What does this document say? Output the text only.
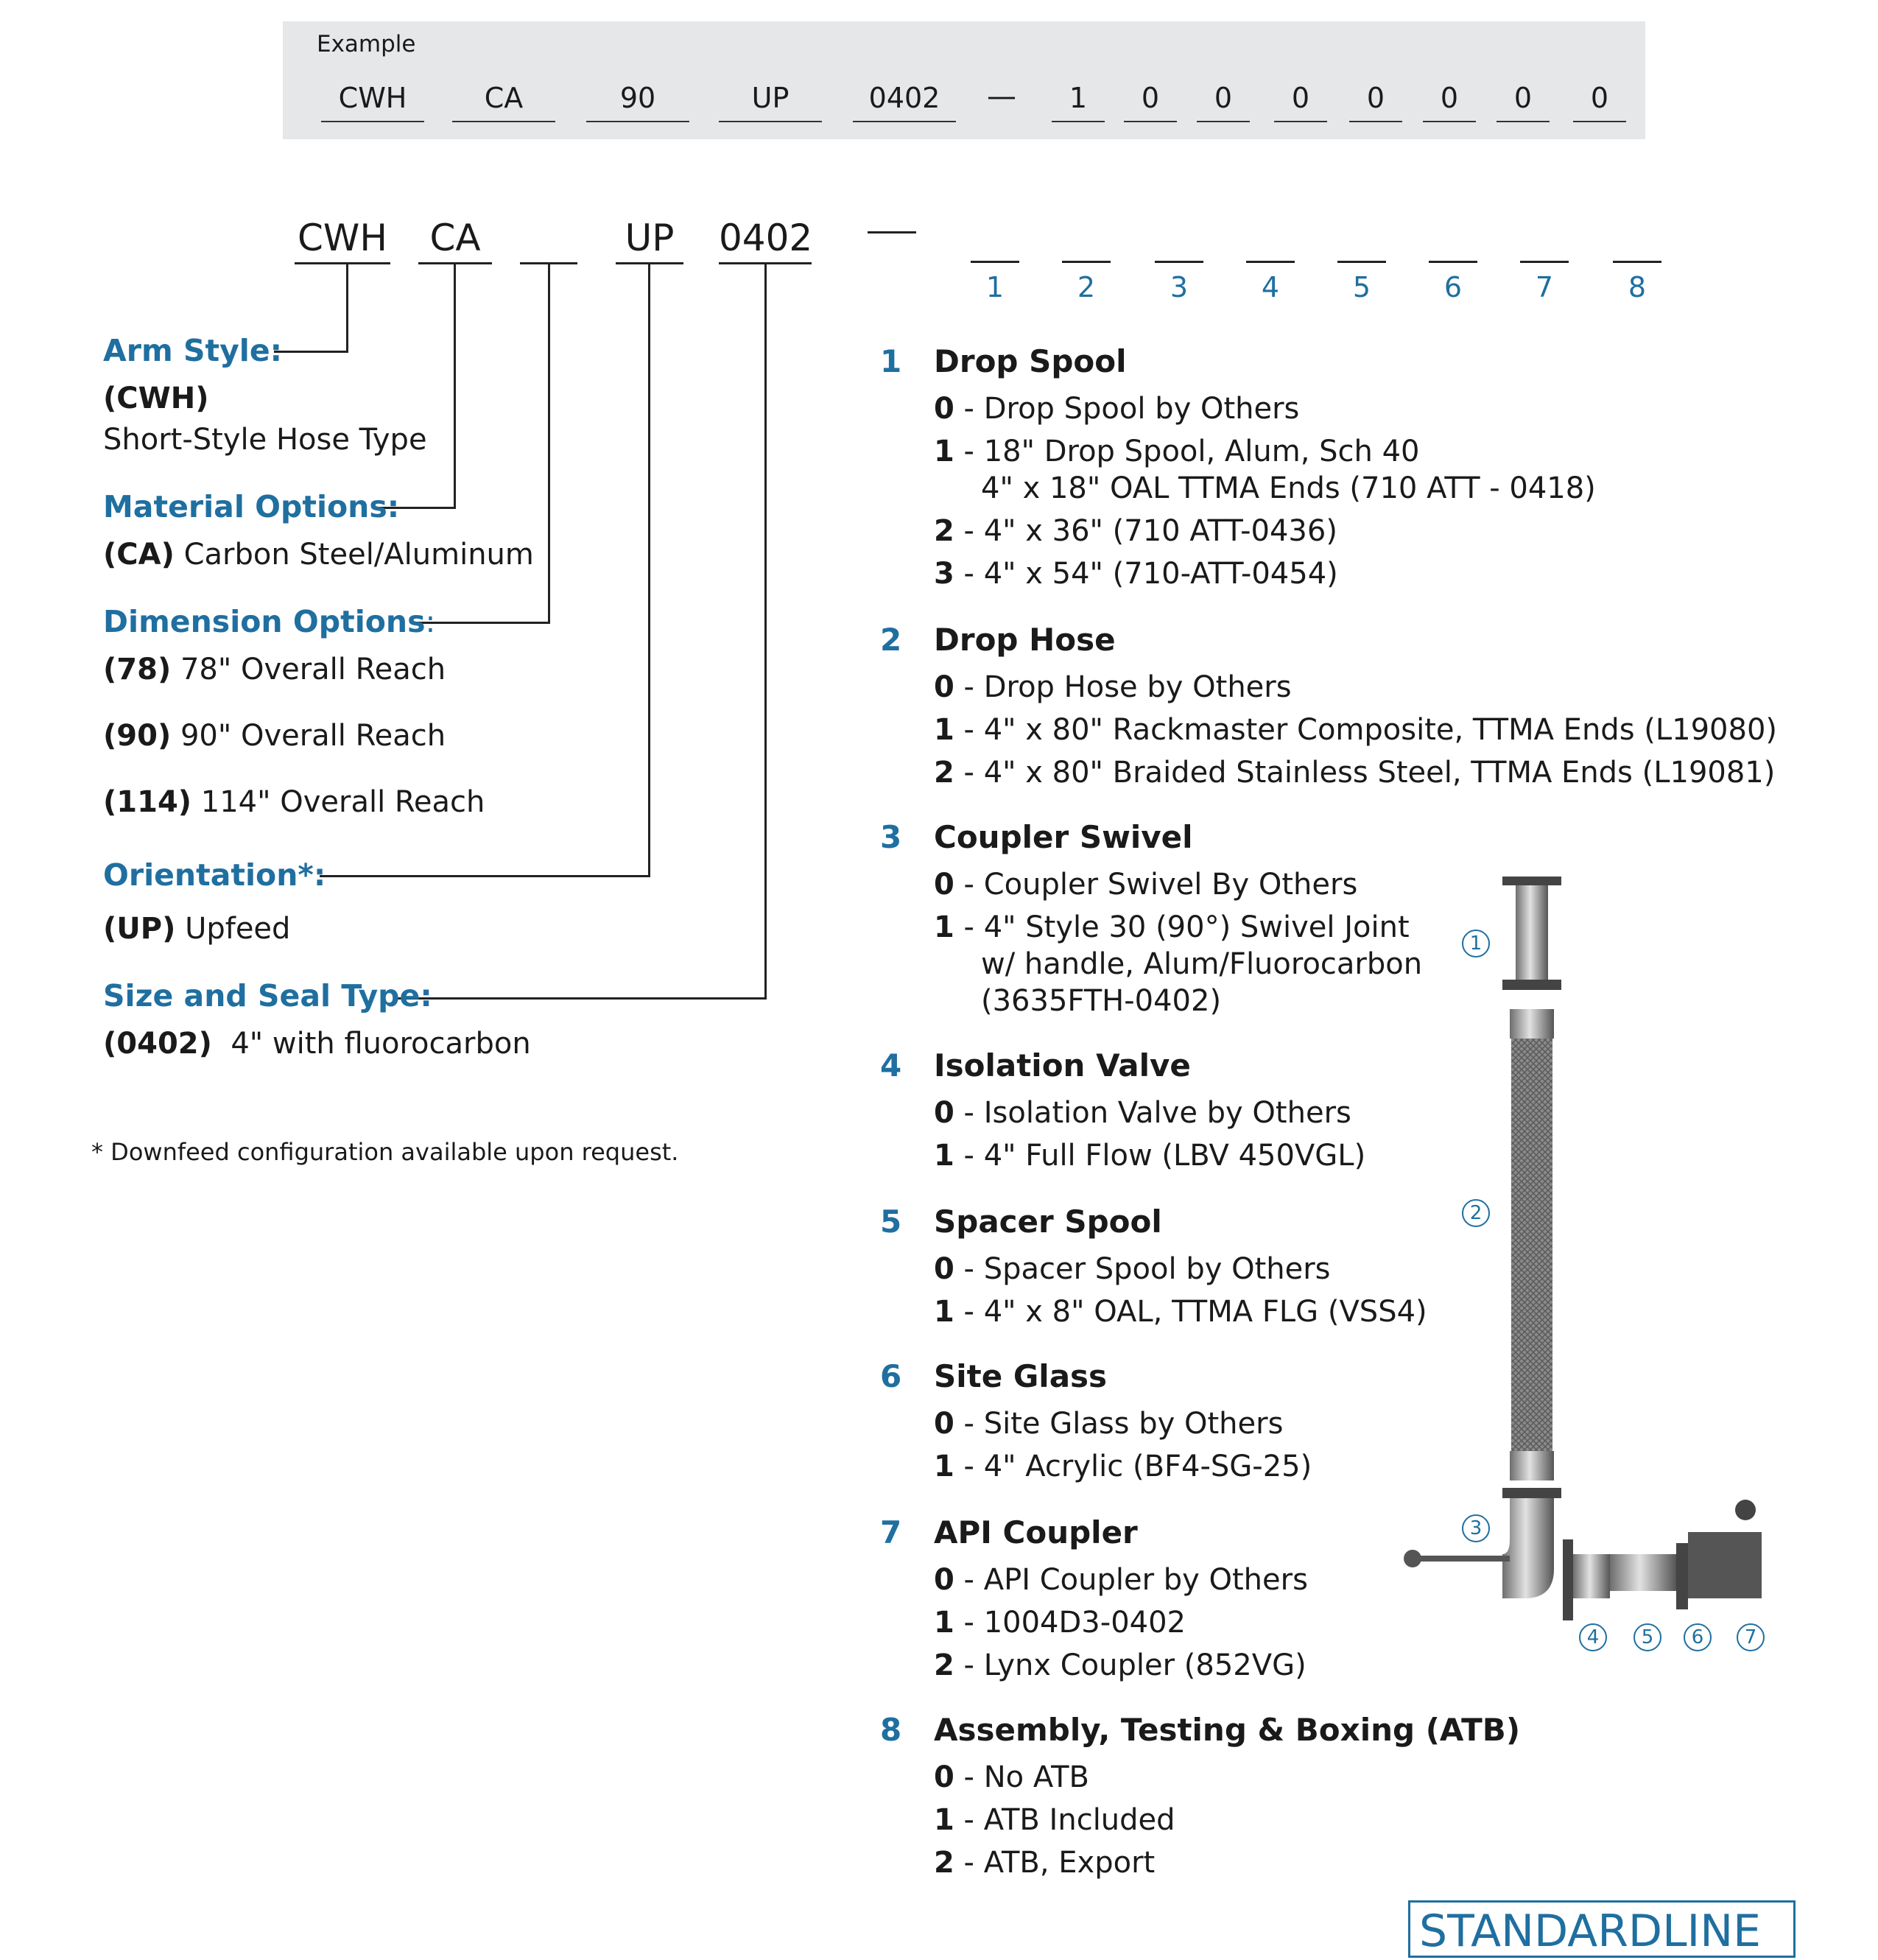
Example
CWH	CA	90	UP	0402	—	1	0	0	0	0	0	0	0
CWH	CA	UP 0402
1	2	3	4	5	6	7	8
Arm Style:
(CWH)
Short-Style Hose Type
Material Options:
(CA) Carbon Steel/Aluminum
Dimension Options:
(78) 78" Overall Reach
(90) 90" Overall Reach
(114) 114" Overall Reach
Orientation*:
(UP) Upfeed
Size and Seal Type:
(0402)  4" with fluorocarbon
* Downfeed configuration available upon request.
1 Drop Spool
0 - Drop Spool by Others
1 - 18" Drop Spool, Alum, Sch 40
4" x 18" OAL TTMA Ends (710 ATT - 0418)
2 - 4" x 36" (710 ATT-0436)
3 - 4" x 54" (710-ATT-0454)
2 Drop Hose
0 - Drop Hose by Others
1 - 4" x 80" Rackmaster Composite, TTMA Ends (L19080)
2 - 4" x 80" Braided Stainless Steel, TTMA Ends (L19081)
3 Coupler Swivel
0 - Coupler Swivel By Others
1 - 4" Style 30 (90°) Swivel Joint
w/ handle, Alum/Fluorocarbon
(3635FTH-0402)
4 Isolation Valve
0 - Isolation Valve by Others
1 - 4" Full Flow (LBV 450VGL)
5 Spacer Spool
0 - Spacer Spool by Others
1 - 4" x 8" OAL, TTMA FLG (VSS4)
6 Site Glass
0 - Site Glass by Others
1 - 4" Acrylic (BF4-SG-25)
7 API Coupler
0 - API Coupler by Others
1 - 1004D3-0402
2 - Lynx Coupler (852VG)
8 Assembly, Testing & Boxing (ATB)
0 - No ATB
1 - ATB Included
2 - ATB, Export
1
2
3
4	5	6	7
STANDARDLINE
